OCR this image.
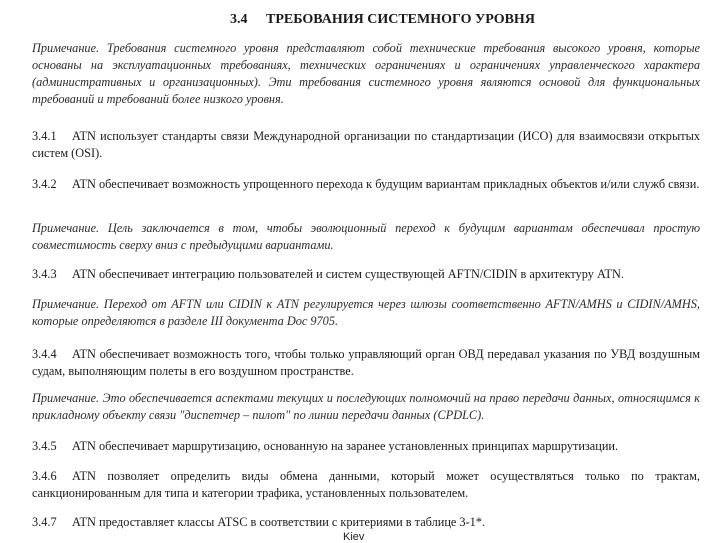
3.4 ТРЕБОВАНИЯ СИСТЕМНОГО УРОВНЯ
Примечание. Требования системного уровня представляют собой технические требования высокого уровня, которые основаны на эксплуатационных требованиях, технических ограничениях и ограничениях управленческого характера (административных и организационных). Эти требования системного уровня являются основой для функциональных требований и требований более низкого уровня.
3.4.1 ATN использует стандарты связи Международной организации по стандартизации (ИСО) для взаимосвязи открытых систем (OSI).
3.4.2 ATN обеспечивает возможность упрощенного перехода к будущим вариантам прикладных объектов и/или служб связи.
Примечание. Цель заключается в том, чтобы эволюционный переход к будущим вариантам обеспечивал простую совместимость сверху вниз с предыдущими вариантами.
3.4.3 ATN обеспечивает интеграцию пользователей и систем существующей AFTN/CIDIN в архитектуру ATN.
Примечание. Переход от AFTN или CIDIN к ATN регулируется через шлюзы соответственно AFTN/AMHS и CIDIN/AMHS, которые определяются в разделе III документа Doc 9705.
3.4.4 ATN обеспечивает возможность того, чтобы только управляющий орган ОВД передавал указания по УВД воздушным судам, выполняющим полеты в его воздушном пространстве.
Примечание. Это обеспечивается аспектами текущих и последующих полномочий на право передачи данных, относящимся к прикладному объекту связи "диспетчер – пилот" по линии передачи данных (CPDLC).
3.4.5 ATN обеспечивает маршрутизацию, основанную на заранее установленных принципах маршрутизации.
3.4.6 ATN позволяет определить виды обмена данными, который может осуществляться только по трактам, санкционированным для типа и категории трафика, установленных пользователем.
3.4.7 ATN предоставляет классы ATSC в соответствии с критериями в таблице 3-1*.
Kiev
